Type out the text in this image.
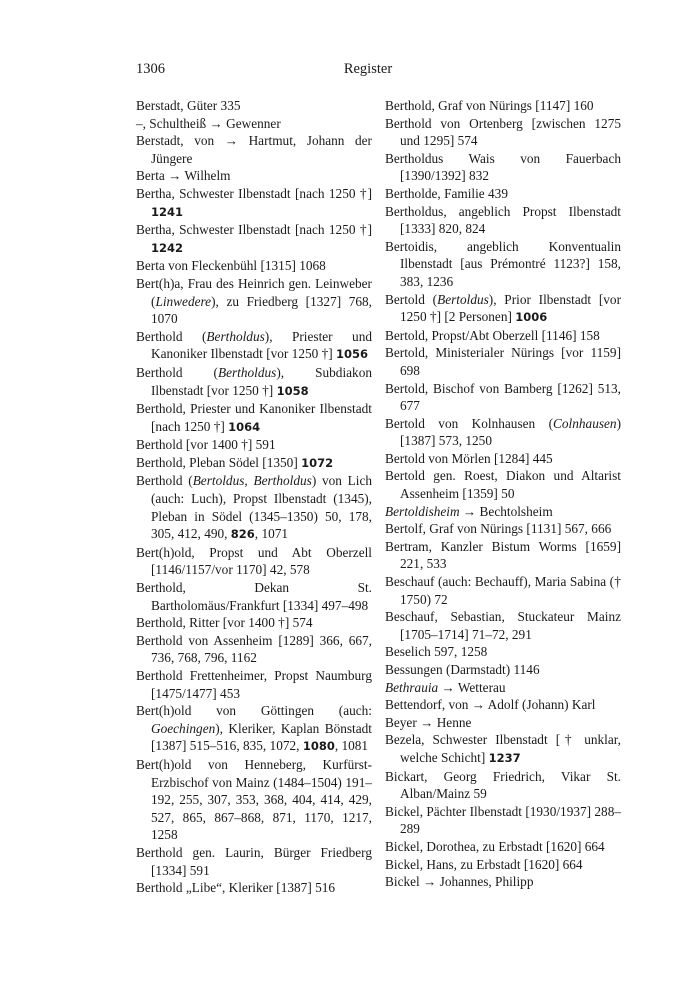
1306	Register

Berstadt, Güter 335

–, Schultheiß → Gewenner

Berstadt, von → Hartmut, Johann der Jüngere

Berta → Wilhelm

Bertha, Schwester Ilbenstadt [nach 1250 †] 1241

Bertha, Schwester Ilbenstadt [nach 1250 †] 1242

Berta von Fleckenbühl [1315] 1068

Bert(h)a, Frau des Heinrich gen. Leinweber (Linwedere), zu Friedberg [1327] 768, 1070

Berthold (Bertholdus), Priester und Kanoniker Ilbenstadt [vor 1250 †] 1056

Berthold (Bertholdus), Subdiakon Ilbenstadt [vor 1250 †] 1058

Berthold, Priester und Kanoniker Ilbenstadt [nach 1250 †] 1064

Berthold [vor 1400 †] 591

Berthold, Pleban Södel [1350] 1072

Berthold (Bertoldus, Bertholdus) von Lich (auch: Luch), Propst Ilbenstadt (1345), Pleban in Södel (1345–1350) 50, 178, 305, 412, 490, 826, 1071

Bert(h)old, Propst und Abt Oberzell [1146/1157/vor 1170] 42, 578

Berthold, Dekan St. Bartholomäus/Frankfurt [1334] 497–498

Berthold, Ritter [vor 1400 †] 574

Berthold von Assenheim [1289] 366, 667, 736, 768, 796, 1162

Berthold Frettenheimer, Propst Naumburg [1475/1477] 453

Bert(h)old von Göttingen (auch: Goechingen), Kleriker, Kaplan Bönstadt [1387] 515–516, 835, 1072, 1080, 1081

Bert(h)old von Henneberg, Kurfürst-Erzbischof von Mainz (1484–1504) 191–192, 255, 307, 353, 368, 404, 414, 429, 527, 865, 867–868, 871, 1170, 1217, 1258

Berthold gen. Laurin, Bürger Friedberg [1334] 591

Berthold „Libe“, Kleriker [1387] 516

Berthold, Graf von Nürings [1147] 160

Berthold von Ortenberg [zwischen 1275 und 1295] 574

Bertholdus Wais von Fauerbach [1390/1392] 832

Bertholde, Familie 439

Bertholdus, angeblich Propst Ilbenstadt [1333] 820, 824

Bertoidis, angeblich Konventualin Ilbenstadt [aus Prémontré 1123?] 158, 383, 1236

Bertold (Bertoldus), Prior Ilbenstadt [vor 1250 †] [2 Personen] 1006

Bertold, Propst/Abt Oberzell [1146] 158

Bertold, Ministerialer Nürings [vor 1159] 698

Bertold, Bischof von Bamberg [1262] 513, 677

Bertold von Kolnhausen (Colnhausen) [1387] 573, 1250

Bertold von Mörlen [1284] 445

Bertold gen. Roest, Diakon und Altarist Assenheim [1359] 50

Bertoldisheim → Bechtolsheim

Bertolf, Graf von Nürings [1131] 567, 666

Bertram, Kanzler Bistum Worms [1659] 221, 533

Beschauf (auch: Bechauff), Maria Sabina († 1750) 72

Beschauf, Sebastian, Stuckateur Mainz [1705–1714] 71–72, 291

Beselich 597, 1258

Bessungen (Darmstadt) 1146

Bethrauia → Wetterau

Bettendorf, von → Adolf (Johann) Karl

Beyer → Henne

Bezela, Schwester Ilbenstadt [† unklar, welche Schicht] 1237

Bickart, Georg Friedrich, Vikar St. Alban/Mainz 59

Bickel, Pächter Ilbenstadt [1930/1937] 288–289

Bickel, Dorothea, zu Erbstadt [1620] 664

Bickel, Hans, zu Erbstadt [1620] 664

Bickel → Johannes, Philipp
